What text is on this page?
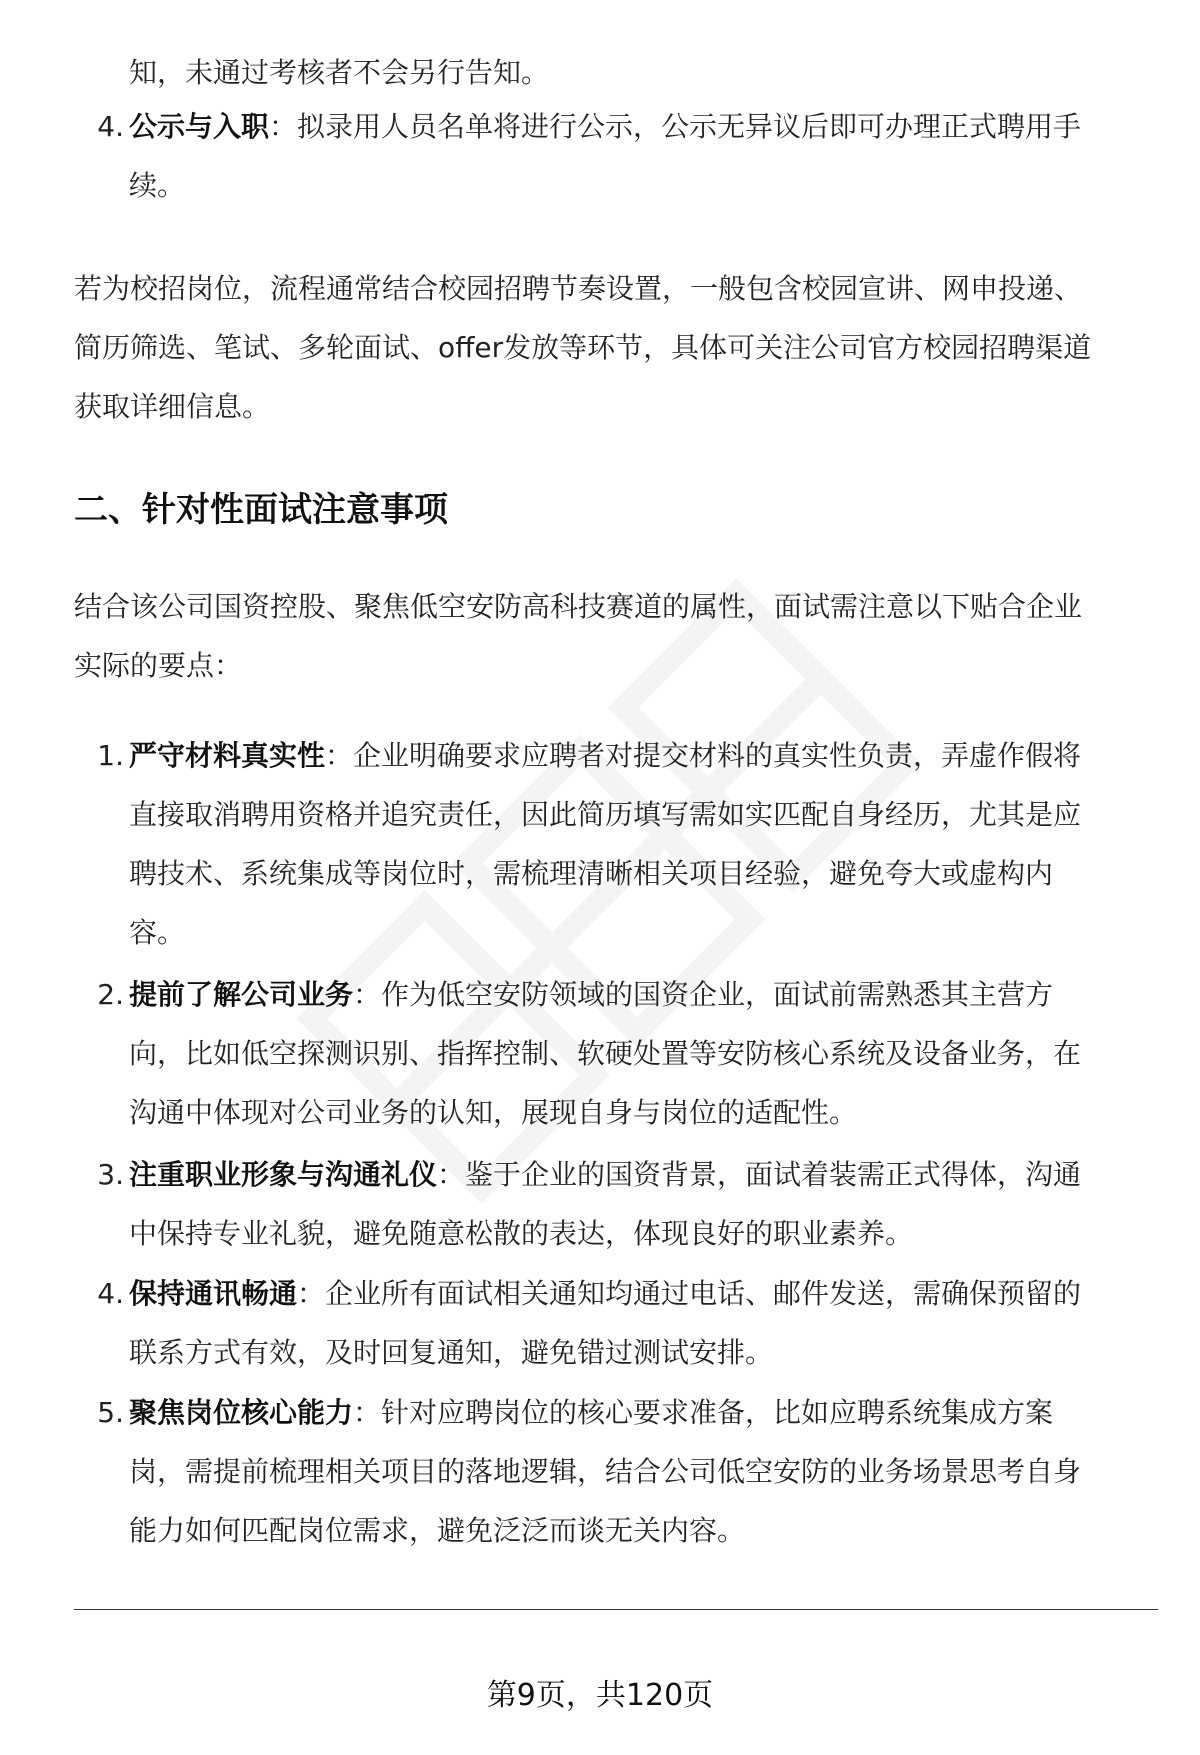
知，未通过考核者不会另行告知。
4. 公示与入职：拟录用人员名单将进行公示，公示无异议后即可办理正式聘用手
续。
若为校招岗位，流程通常结合校园招聘节奏设置，一般包含校园宣讲、网申投递、
简历筛选、笔试、多轮面试、offer发放等环节，具体可关注公司官方校园招聘渠道
获取详细信息。
二、针对性面试注意事项
结合该公司国资控股、聚焦低空安防高科技赛道的属性，面试需注意以下贴合企业
实际的要点：
1. 严守材料真实性：企业明确要求应聘者对提交材料的真实性负责，弄虚作假将
直接取消聘用资格并追究责任，因此简历填写需如实匹配自身经历，尤其是应
聘技术、系统集成等岗位时，需梳理清晰相关项目经验，避免夸大或虚构内
容。
2. 提前了解公司业务：作为低空安防领域的国资企业，面试前需熟悉其主营方
向，比如低空探测识别、指挥控制、软硬处置等安防核心系统及设备业务，在
沟通中体现对公司业务的认知，展现自身与岗位的适配性。
3. 注重职业形象与沟通礼仪：鉴于企业的国资背景，面试着装需正式得体，沟通
中保持专业礼貌，避免随意松散的表达，体现良好的职业素养。
4. 保持通讯畅通：企业所有面试相关通知均通过电话、邮件发送，需确保预留的
联系方式有效，及时回复通知，避免错过测试安排。
5. 聚焦岗位核心能力：针对应聘岗位的核心要求准备，比如应聘系统集成方案
岗，需提前梳理相关项目的落地逻辑，结合公司低空安防的业务场景思考自身
能力如何匹配岗位需求，避免泛泛而谈无关内容。
第9页，共120页
